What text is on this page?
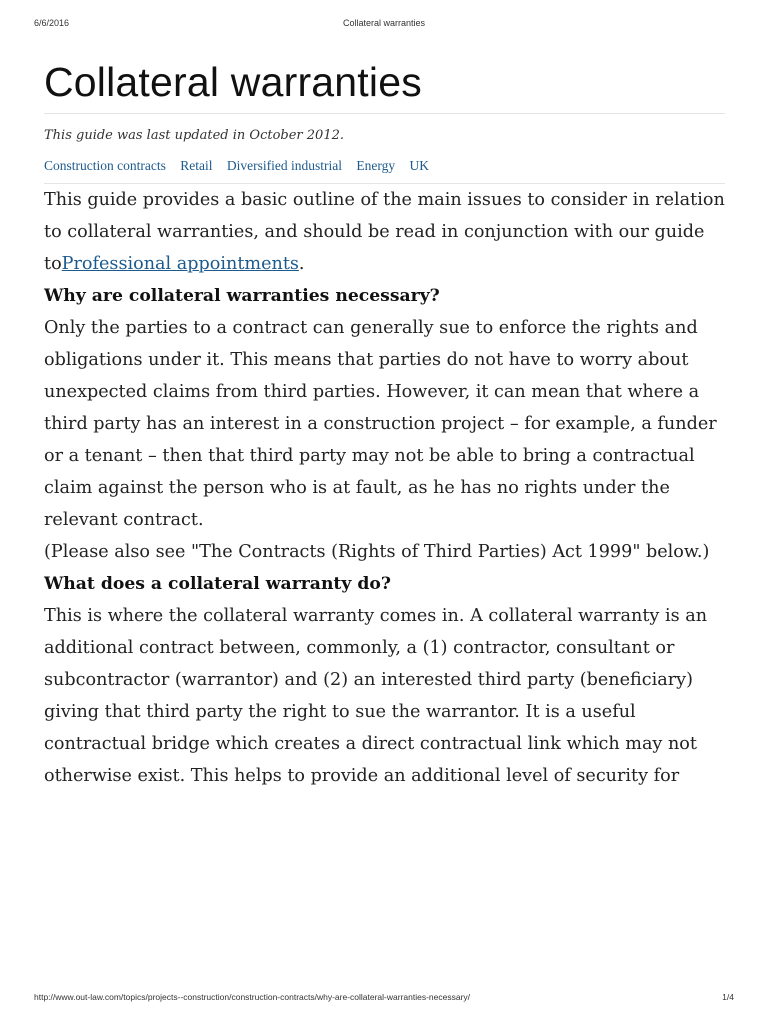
6/6/2016	Collateral warranties
Collateral warranties

This guide was last updated in October 2012.

Construction contracts Retail Diversified industrial Energy UK

This guide provides a basic outline of the main issues to consider in relation to collateral warranties, and should be read in conjunction with our guide toProfessional appointments.

Why are collateral warranties necessary?

Only the parties to a contract can generally sue to enforce the rights and obligations under it. This means that parties do not have to worry about unexpected claims from third parties. However, it can mean that where a third party has an interest in a construction project – for example, a funder or a tenant – then that third party may not be able to bring a contractual claim against the person who is at fault, as he has no rights under the relevant contract.

(Please also see "The Contracts (Rights of Third Parties) Act 1999" below.)

What does a collateral warranty do?

This is where the collateral warranty comes in. A collateral warranty is an additional contract between, commonly, a (1) contractor, consultant or subcontractor (warrantor) and (2) an interested third party (beneficiary) giving that third party the right to sue the warrantor. It is a useful contractual bridge which creates a direct contractual link which may not otherwise exist. This helps to provide an additional level of security for

http://www.out-law.com/topics/projects--construction/construction-contracts/why-are-collateral-warranties-necessary/	1/4
